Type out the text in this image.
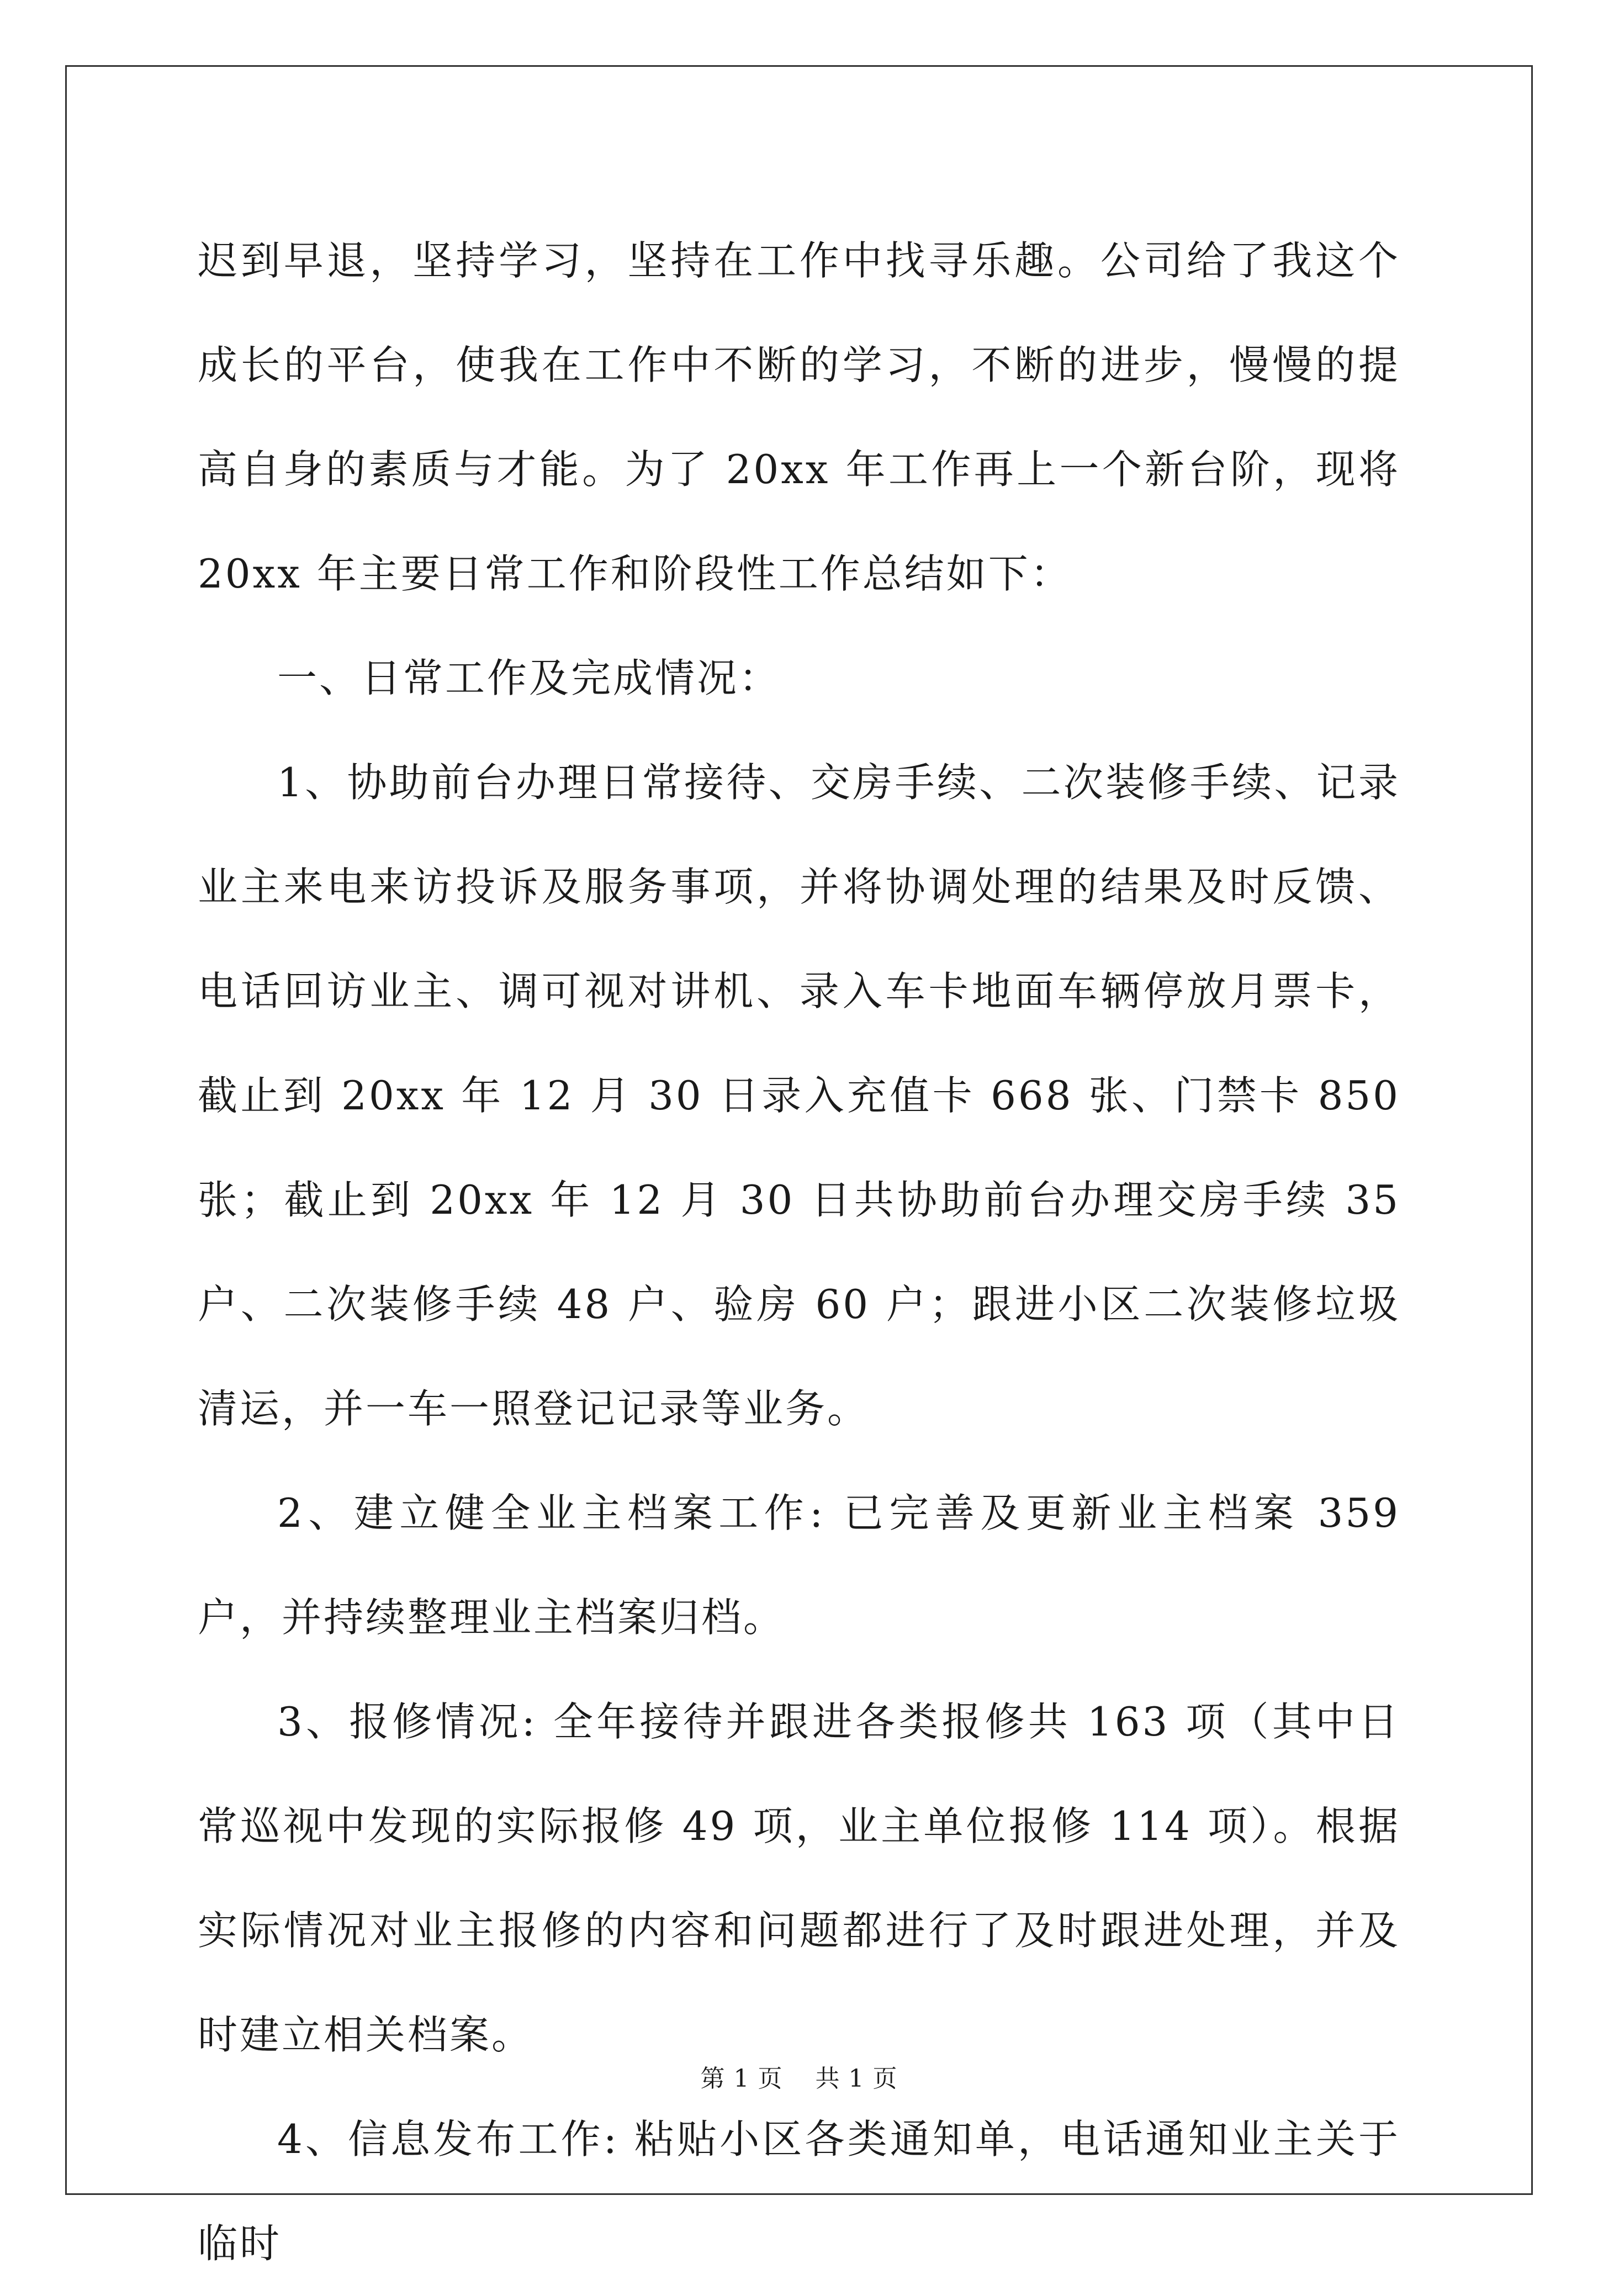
迟到早退，坚持学习，坚持在工作中找寻乐趣。公司给了我这个成长的平台，使我在工作中不断的学习，不断的进步，慢慢的提高自身的素质与才能。为了 20xx 年工作再上一个新台阶，现将 20xx 年主要日常工作和阶段性工作总结如下：

一、日常工作及完成情况：

1、协助前台办理日常接待、交房手续、二次装修手续、记录业主来电来访投诉及服务事项，并将协调处理的结果及时反馈、电话回访业主、调可视对讲机、录入车卡地面车辆停放月票卡，截止到 20xx 年 12 月 30 日录入充值卡 668 张、门禁卡 850 张；截止到 20xx 年 12 月 30 日共协助前台办理交房手续 35 户、二次装修手续 48 户、验房 60 户；跟进小区二次装修垃圾清运，并一车一照登记记录等业务。

2、建立健全业主档案工作: 已完善及更新业主档案 359 户，并持续整理业主档案归档。

3、报修情况: 全年接待并跟进各类报修共 163 项（其中日常巡视中发现的实际报修 49 项，业主单位报修 114 项）。根据实际情况对业主报修的内容和问题都进行了及时跟进处理，并及时建立相关档案。

4、信息发布工作: 粘贴小区各类通知单，电话通知业主关于临时

第 1 页 共 1 页
